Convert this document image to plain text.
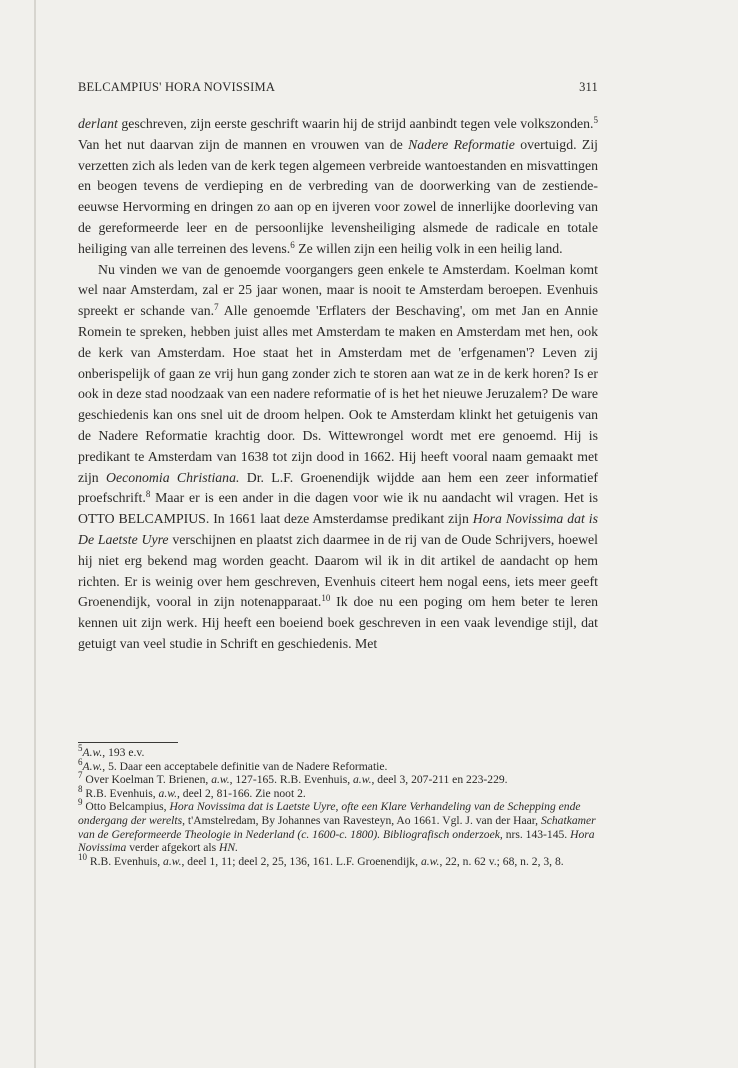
BELCAMPIUS' HORA NOVISSIMA	311

derlant geschreven, zijn eerste geschrift waarin hij de strijd aanbindt tegen vele volkszonden.$^5$ Van het nut daarvan zijn de mannen en vrouwen van de Nadere Reformatie overtuigd. Zij verzetten zich als leden van de kerk tegen algemeen verbreide wantoestanden en misvattingen en beogen tevens de verdieping en de verbreding van de doorwerking van de zestiende-eeuwse Hervorming en dringen zo aan op en ijveren voor zowel de innerlijke doorleving van de gereformeerde leer en de persoonlijke levensheiliging alsmede de radicale en totale heiliging van alle terreinen des levens.$^6$ Ze willen zijn een heilig volk in een heilig land.

Nu vinden we van de genoemde voorgangers geen enkele te Amsterdam. Koelman komt wel naar Amsterdam, zal er 25 jaar wonen, maar is nooit te Amsterdam beroepen. Evenhuis spreekt er schande van.$^7$ Alle genoemde 'Erflaters der Beschaving', om met Jan en Annie Romein te spreken, hebben juist alles met Amsterdam te maken en Amsterdam met hen, ook de kerk van Amsterdam. Hoe staat het in Amsterdam met de 'erfgenamen'? Leven zij onberispelijk of gaan ze vrij hun gang zonder zich te storen aan wat ze in de kerk horen? Is er ook in deze stad noodzaak van een nadere reformatie of is het het nieuwe Jeruzalem? De ware geschiedenis kan ons snel uit de droom helpen. Ook te Amsterdam klinkt het getuigenis van de Nadere Reformatie krachtig door. Ds. Wittewrongel wordt met ere genoemd. Hij is predikant te Amsterdam van 1638 tot zijn dood in 1662. Hij heeft vooral naam gemaakt met zijn Oeconomia Christiana. Dr. L.F. Groenendijk wijdde aan hem een zeer informatief proefschrift.$^8$ Maar er is een ander in die dagen voor wie ik nu aandacht wil vragen. Het is OTTO BELCAMPIUS. In 1661 laat deze Amsterdamse predikant zijn Hora Novissima dat is De Laetste Uyre verschijnen en plaatst zich daarmee in de rij van de Oude Schrijvers, hoewel hij niet erg bekend mag worden geacht. Daarom wil ik in dit artikel de aandacht op hem richten. Er is weinig over hem geschreven, Evenhuis citeert hem nogal eens, iets meer geeft Groenendijk, vooral in zijn notenapparaat.$^{10}$ Ik doe nu een poging om hem beter te leren kennen uit zijn werk. Hij heeft een boeiend boek geschreven in een vaak levendige stijl, dat getuigt van veel studie in Schrift en geschiedenis. Met

$^5$A.w., 193 e.v.
$^6$A.w., 5. Daar een acceptabele definitie van de Nadere Reformatie.
$^7$ Over Koelman T. Brienen, a.w., 127-165. R.B. Evenhuis, a.w., deel 3, 207-211 en 223-229.
$^8$ R.B. Evenhuis, a.w., deel 2, 81-166. Zie noot 2.
$^9$ Otto Belcampius, Hora Novissima dat is Laetste Uyre, ofte een Klare Verhandeling van de Schepping ende ondergang der werelts, t'Amstelredam, By Johannes van Ravesteyn, Ao 1661. Vgl. J. van der Haar, Schatkamer van de Gereformeerde Theologie in Nederland (c. 1600-c. 1800). Bibliografisch onderzoek, nrs. 143-145. Hora Novissima verder afgekort als HN.
$^{10}$ R.B. Evenhuis, a.w., deel 1, 11; deel 2, 25, 136, 161. L.F. Groenendijk, a.w., 22, n. 62 v.; 68, n. 2, 3, 8.
